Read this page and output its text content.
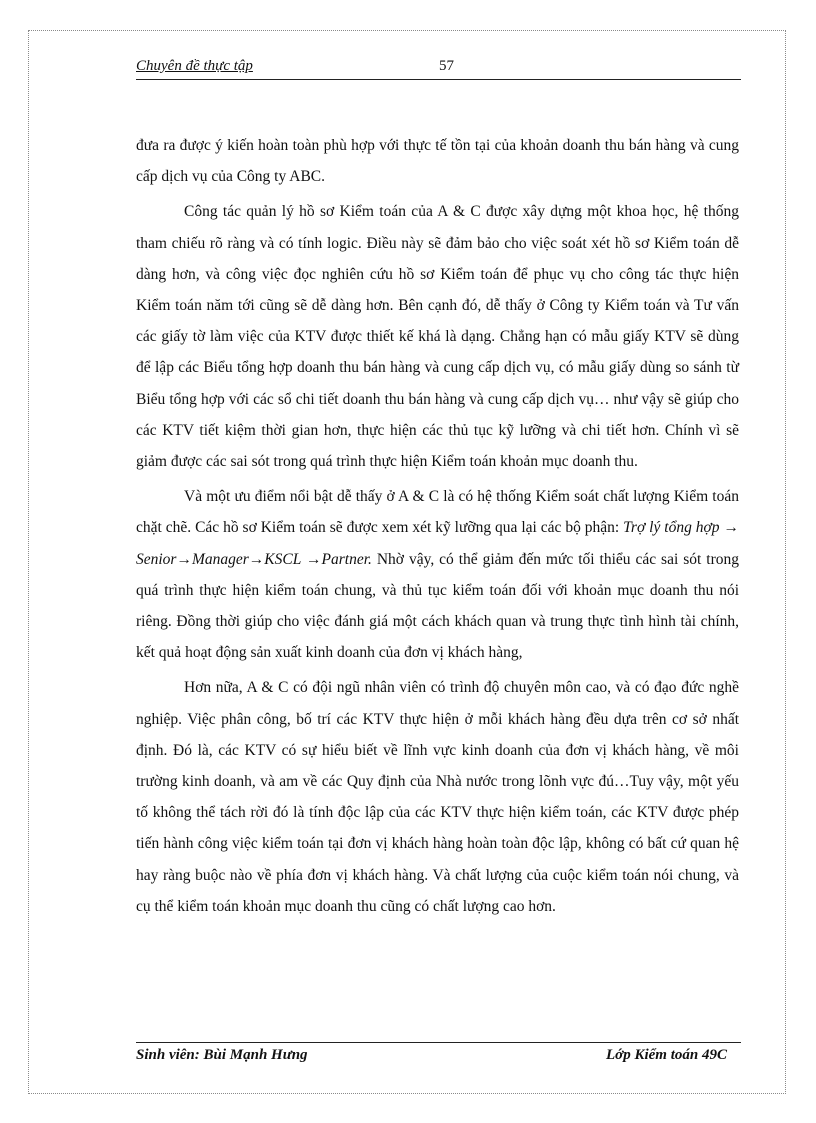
Chuyên đề thực tập	57

đưa ra được ý kiến hoàn toàn phù hợp với thực tế tồn tại của khoản doanh thu bán hàng và cung cấp dịch vụ của Công ty ABC.

Công tác quản lý hồ sơ Kiểm toán của A & C được xây dựng một khoa học, hệ thống tham chiếu rõ ràng và có tính logic. Điều này sẽ đảm bảo cho việc soát xét hồ sơ Kiểm toán dễ dàng hơn, và công việc đọc nghiên cứu hồ sơ Kiểm toán để phục vụ cho công tác thực hiện Kiểm toán năm tới cũng sẽ dễ dàng hơn. Bên cạnh đó, dễ thấy ở Công ty Kiểm toán và Tư vấn các giấy tờ làm việc của KTV được thiết kế khá là dạng. Chẳng hạn có mẫu giấy KTV sẽ dùng để lập các Biểu tổng hợp doanh thu bán hàng và cung cấp dịch vụ, có mẫu giấy dùng so sánh từ Biểu tổng hợp với các sổ chi tiết doanh thu bán hàng và cung cấp dịch vụ… như vậy sẽ giúp cho các KTV tiết kiệm thời gian hơn, thực hiện các thủ tục kỹ lưỡng và chi tiết hơn. Chính vì sẽ giảm được các sai sót trong quá trình thực hiện Kiểm toán khoản mục doanh thu.

Và một ưu điểm nổi bật dễ thấy ở A & C là có hệ thống Kiểm soát chất lượng Kiểm toán chặt chẽ. Các hồ sơ Kiểm toán sẽ được xem xét kỹ lưỡng qua lại các bộ phận: Trợ lý tổng hợp → Senior→Manager→KSCL →Partner. Nhờ vậy, có thể giảm đến mức tối thiểu các sai sót trong quá trình thực hiện kiểm toán chung, và thủ tục kiểm toán đối với khoản mục doanh thu nói riêng. Đồng thời giúp cho việc đánh giá một cách khách quan và trung thực tình hình tài chính, kết quả hoạt động sản xuất kinh doanh của đơn vị khách hàng,

Hơn nữa, A & C có đội ngũ nhân viên có trình độ chuyên môn cao, và có đạo đức nghề nghiệp. Việc phân công, bố trí các KTV thực hiện ở mỗi khách hàng đều dựa trên cơ sở nhất định. Đó là, các KTV có sự hiểu biết về lĩnh vực kinh doanh của đơn vị khách hàng, về môi trường kinh doanh, và am về các Quy định của Nhà nước trong lõnh vực đú…Tuy vậy, một yếu tố không thể tách rời đó là tính độc lập của các KTV thực hiện kiểm toán, các KTV được phép tiến hành công việc kiểm toán tại đơn vị khách hàng hoàn toàn độc lập, không có bất cứ quan hệ hay ràng buộc nào về phía đơn vị khách hàng. Và chất lượng của cuộc kiểm toán nói chung, và cụ thể kiểm toán khoản mục doanh thu cũng có chất lượng cao hơn.

Sinh viên: Bùi Mạnh Hưng	Lớp Kiểm toán 49C
